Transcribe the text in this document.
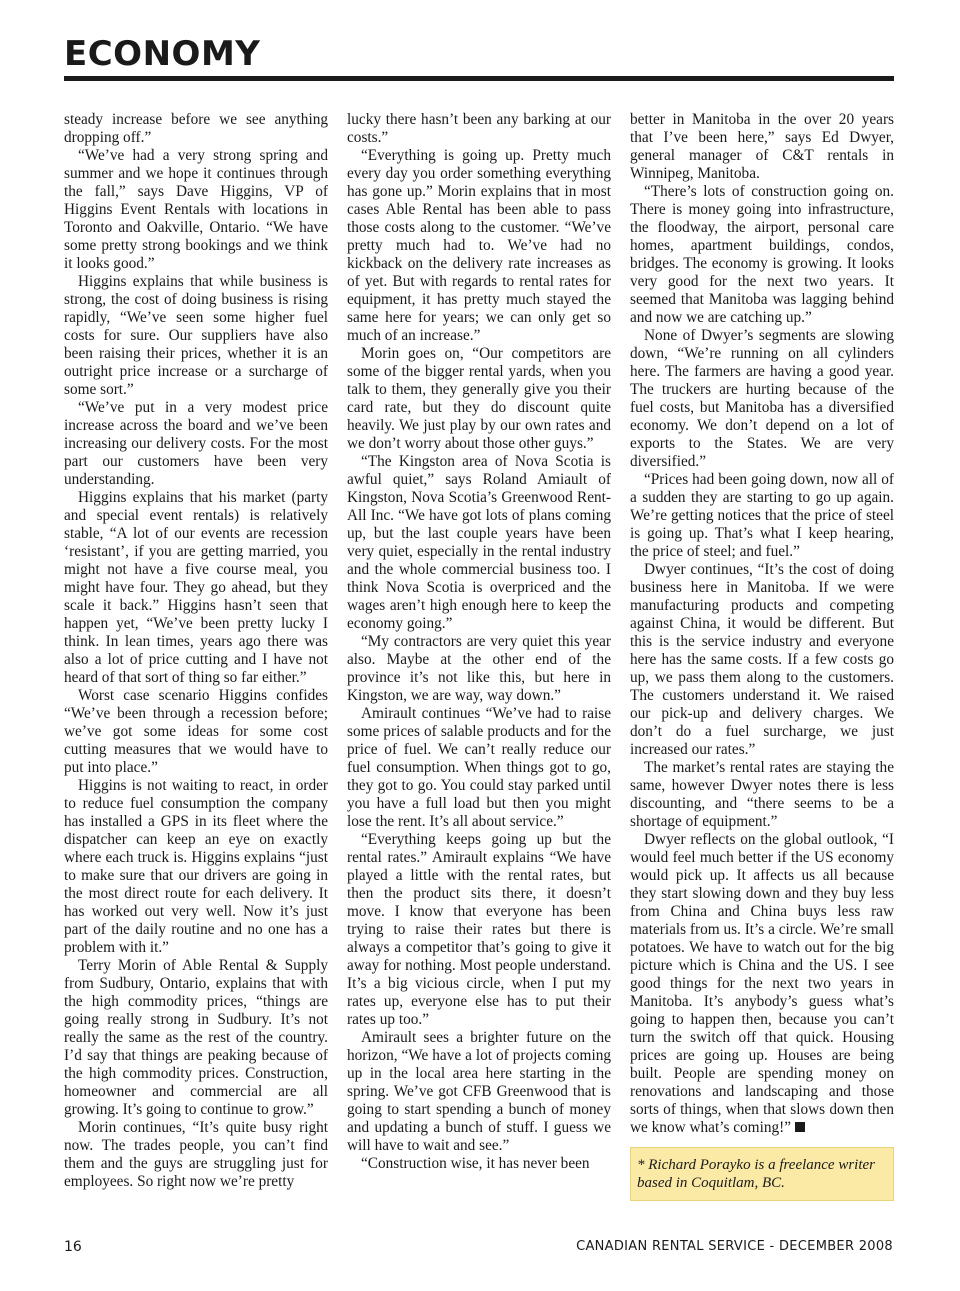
ECONOMY

steady increase before we see anything dropping off.”

“We’ve had a very strong spring and summer and we hope it continues through the fall,” says Dave Higgins, VP of Higgins Event Rentals with locations in Toronto and Oakville, Ontario. “We have some pretty strong bookings and we think it looks good.”

Higgins explains that while business is strong, the cost of doing business is rising rapidly, “We’ve seen some higher fuel costs for sure. Our suppliers have also been raising their prices, whether it is an outright price increase or a surcharge of some sort.”

“We’ve put in a very modest price increase across the board and we’ve been increasing our delivery costs. For the most part our customers have been very understanding.

Higgins explains that his market (party and special event rentals) is relatively stable, “A lot of our events are recession ‘resistant’, if you are getting married, you might not have a five course meal, you might have four. They go ahead, but they scale it back.” Higgins hasn’t seen that happen yet, “We’ve been pretty lucky I think. In lean times, years ago there was also a lot of price cutting and I have not heard of that sort of thing so far either.”

Worst case scenario Higgins confides “We’ve been through a recession before; we’ve got some ideas for some cost cutting measures that we would have to put into place.”

Higgins is not waiting to react, in order to reduce fuel consumption the company has installed a GPS in its fleet where the dispatcher can keep an eye on exactly where each truck is. Higgins explains “just to make sure that our drivers are going in the most direct route for each delivery. It has worked out very well. Now it’s just part of the daily routine and no one has a problem with it.”

Terry Morin of Able Rental & Supply from Sudbury, Ontario, explains that with the high commodity prices, “things are going really strong in Sudbury. It’s not really the same as the rest of the country. I’d say that things are peaking because of the high commodity prices. Construction, homeowner and commercial are all growing. It’s going to continue to grow.”

Morin continues, “It’s quite busy right now. The trades people, you can’t find them and the guys are struggling just for employees. So right now we’re pretty

lucky there hasn’t been any barking at our costs.”

“Everything is going up. Pretty much every day you order something everything has gone up.” Morin explains that in most cases Able Rental has been able to pass those costs along to the customer. “We’ve pretty much had to. We’ve had no kickback on the delivery rate increases as of yet. But with regards to rental rates for equipment, it has pretty much stayed the same here for years; we can only get so much of an increase.”

Morin goes on, “Our competitors are some of the bigger rental yards, when you talk to them, they generally give you their card rate, but they do discount quite heavily. We just play by our own rates and we don’t worry about those other guys.”

“The Kingston area of Nova Scotia is awful quiet,” says Roland Amiault of Kingston, Nova Scotia’s Greenwood Rent-All Inc. “We have got lots of plans coming up, but the last couple years have been very quiet, especially in the rental industry and the whole commercial business too. I think Nova Scotia is overpriced and the wages aren’t high enough here to keep the economy going.”

“My contractors are very quiet this year also. Maybe at the other end of the province it’s not like this, but here in Kingston, we are way, way down.”

Amirault continues “We’ve had to raise some prices of salable products and for the price of fuel. We can’t really reduce our fuel consumption. When things got to go, they got to go. You could stay parked until you have a full load but then you might lose the rent. It’s all about service.”

“Everything keeps going up but the rental rates.” Amirault explains “We have played a little with the rental rates, but then the product sits there, it doesn’t move. I know that everyone has been trying to raise their rates but there is always a competitor that’s going to give it away for nothing. Most people understand. It’s a big vicious circle, when I put my rates up, everyone else has to put their rates up too.”

Amirault sees a brighter future on the horizon, “We have a lot of projects coming up in the local area here starting in the spring. We’ve got CFB Greenwood that is going to start spending a bunch of money and updating a bunch of stuff. I guess we will have to wait and see.”

“Construction wise, it has never been

better in Manitoba in the over 20 years that I’ve been here,” says Ed Dwyer, general manager of C&T rentals in Winnipeg, Manitoba.

“There’s lots of construction going on. There is money going into infrastructure, the floodway, the airport, personal care homes, apartment buildings, condos, bridges. The economy is growing. It looks very good for the next two years. It seemed that Manitoba was lagging behind and now we are catching up.”

None of Dwyer’s segments are slowing down, “We’re running on all cylinders here. The farmers are having a good year. The truckers are hurting because of the fuel costs, but Manitoba has a diversified economy. We don’t depend on a lot of exports to the States. We are very diversified.”

“Prices had been going down, now all of a sudden they are starting to go up again. We’re getting notices that the price of steel is going up. That’s what I keep hearing, the price of steel; and fuel.”

Dwyer continues, “It’s the cost of doing business here in Manitoba. If we were manufacturing products and competing against China, it would be different. But this is the service industry and everyone here has the same costs. If a few costs go up, we pass them along to the customers. The customers understand it. We raised our pick-up and delivery charges. We don’t do a fuel surcharge, we just increased our rates.”

The market’s rental rates are staying the same, however Dwyer notes there is less discounting, and “there seems to be a shortage of equipment.”

Dwyer reflects on the global outlook, “I would feel much better if the US economy would pick up. It affects us all because they start slowing down and they buy less from China and China buys less raw materials from us. It’s a circle. We’re small potatoes. We have to watch out for the big picture which is China and the US. I see good things for the next two years in Manitoba. It’s anybody’s guess what’s going to happen then, because you can’t turn the switch off that quick. Housing prices are going up. Houses are being built. People are spending money on renovations and landscaping and those sorts of things, when that slows down then we know what’s coming!”

* Richard Porayko is a freelance writer based in Coquitlam, BC.

16	CANADIAN RENTAL SERVICE - DECEMBER 2008
